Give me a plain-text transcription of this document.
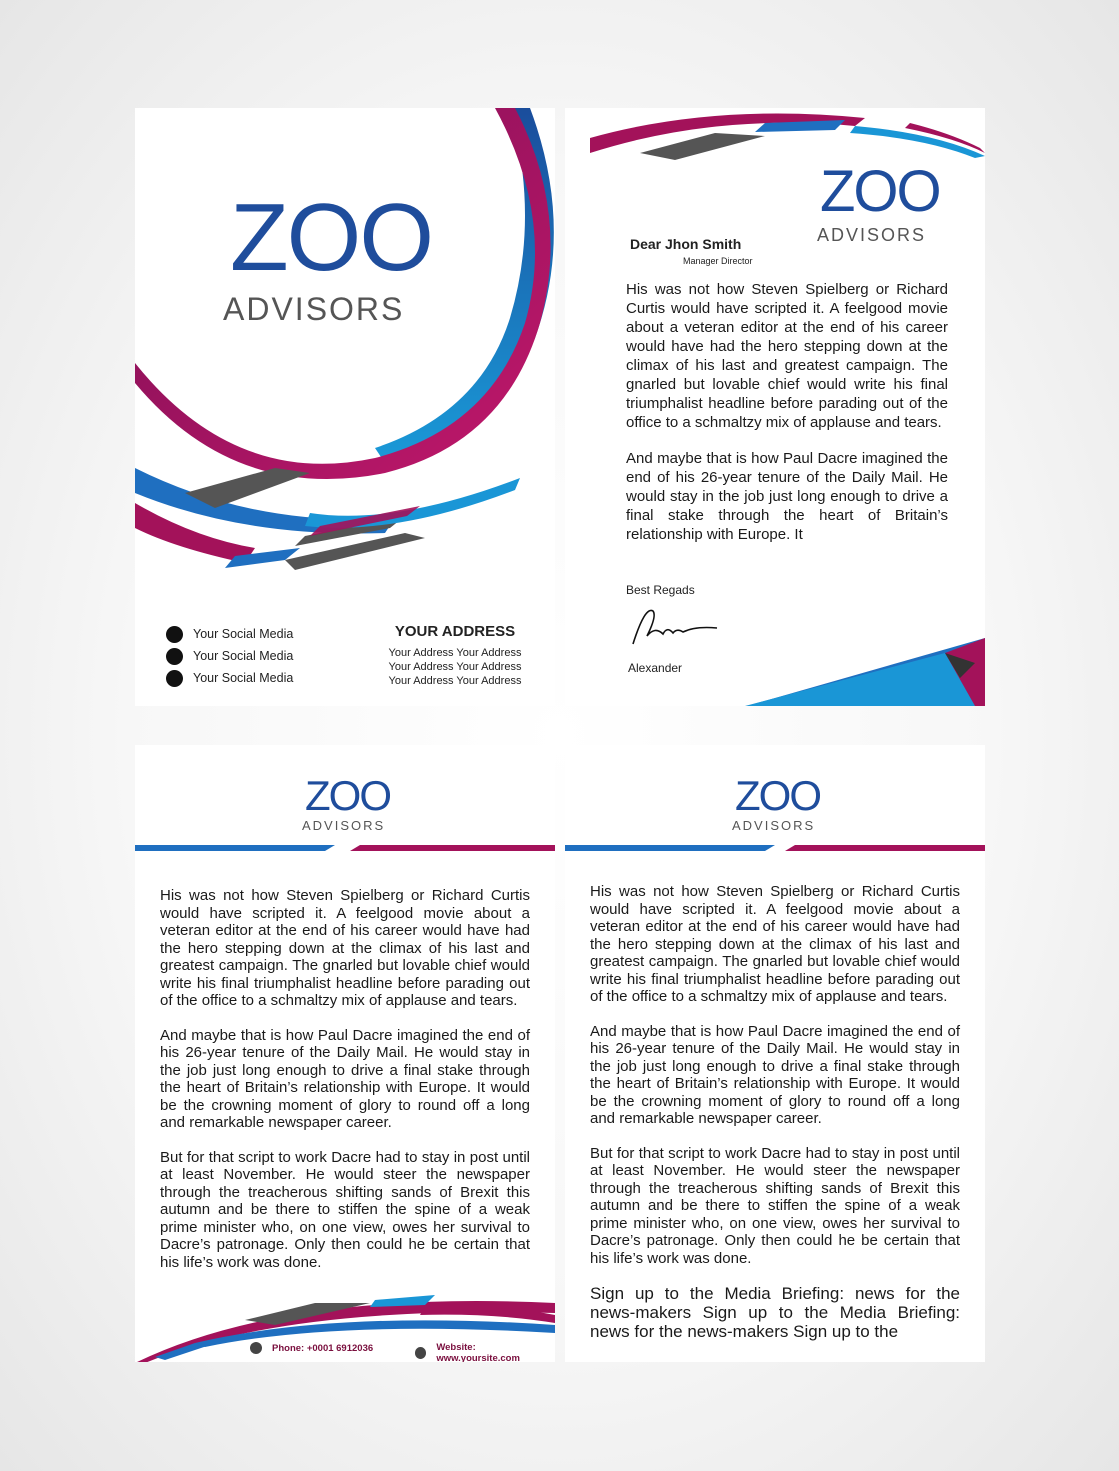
ZOO
ADVISORS
Your Social Media
Your Social Media
Your Social Media
YOUR ADDRESS
Your Address Your Address
Your Address Your Address
Your Address Your Address
ZOO
ADVISORS
Dear Jhon Smith
Manager Director

His was not how Steven Spielberg or Richard Curtis would have scripted it. A feelgood movie about a veteran editor at the end of his career would have had the hero stepping down at the climax of his last and greatest campaign. The gnarled but lovable chief would write his final triumphalist headline before parading out of the office to a schmaltzy mix of applause and tears.

And maybe that is how Paul Dacre imagined the end of his 26-year tenure of the Daily Mail. He would stay in the job just long enough to drive a final stake through the heart of Britain’s relationship with Europe. It

Best Regads
Alexander
ZOO
ADVISORS

His was not how Steven Spielberg or Richard Curtis would have scripted it. A feelgood movie about a veteran editor at the end of his career would have had the hero stepping down at the climax of his last and greatest campaign. The gnarled but lovable chief would write his final triumphalist headline before parading out of the office to a schmaltzy mix of applause and tears.

And maybe that is how Paul Dacre imagined the end of his 26-year tenure of the Daily Mail. He would stay in the job just long enough to drive a final stake through the heart of Britain’s relationship with Europe. It would be the crowning moment of glory to round off a long and remarkable newspaper career.

But for that script to work Dacre had to stay in post until at least November. He would steer the newspaper through the treacherous shifting sands of Brexit this autumn and be there to stiffen the spine of a weak prime minister who, on one view, owes her survival to Dacre’s patronage. Only then could he be certain that his life’s work was done.

Phone: +0001 6912036	Website: www.yoursite.com
ZOO
ADVISORS

His was not how Steven Spielberg or Richard Curtis would have scripted it. A feelgood movie about a veteran editor at the end of his career would have had the hero stepping down at the climax of his last and greatest campaign. The gnarled but lovable chief would write his final triumphalist headline before parading out of the office to a schmaltzy mix of applause and tears.

And maybe that is how Paul Dacre imagined the end of his 26-year tenure of the Daily Mail. He would stay in the job just long enough to drive a final stake through the heart of Britain’s relationship with Europe. It would be the crowning moment of glory to round off a long and remarkable newspaper career.

But for that script to work Dacre had to stay in post until at least November. He would steer the newspaper through the treacherous shifting sands of Brexit this autumn and be there to stiffen the spine of a weak prime minister who, on one view, owes her survival to Dacre’s patronage. Only then could he be certain that his life’s work was done.

Sign up to the Media Briefing: news for the news-makers Sign up to the Media Briefing: news for the news-makers Sign up to the
